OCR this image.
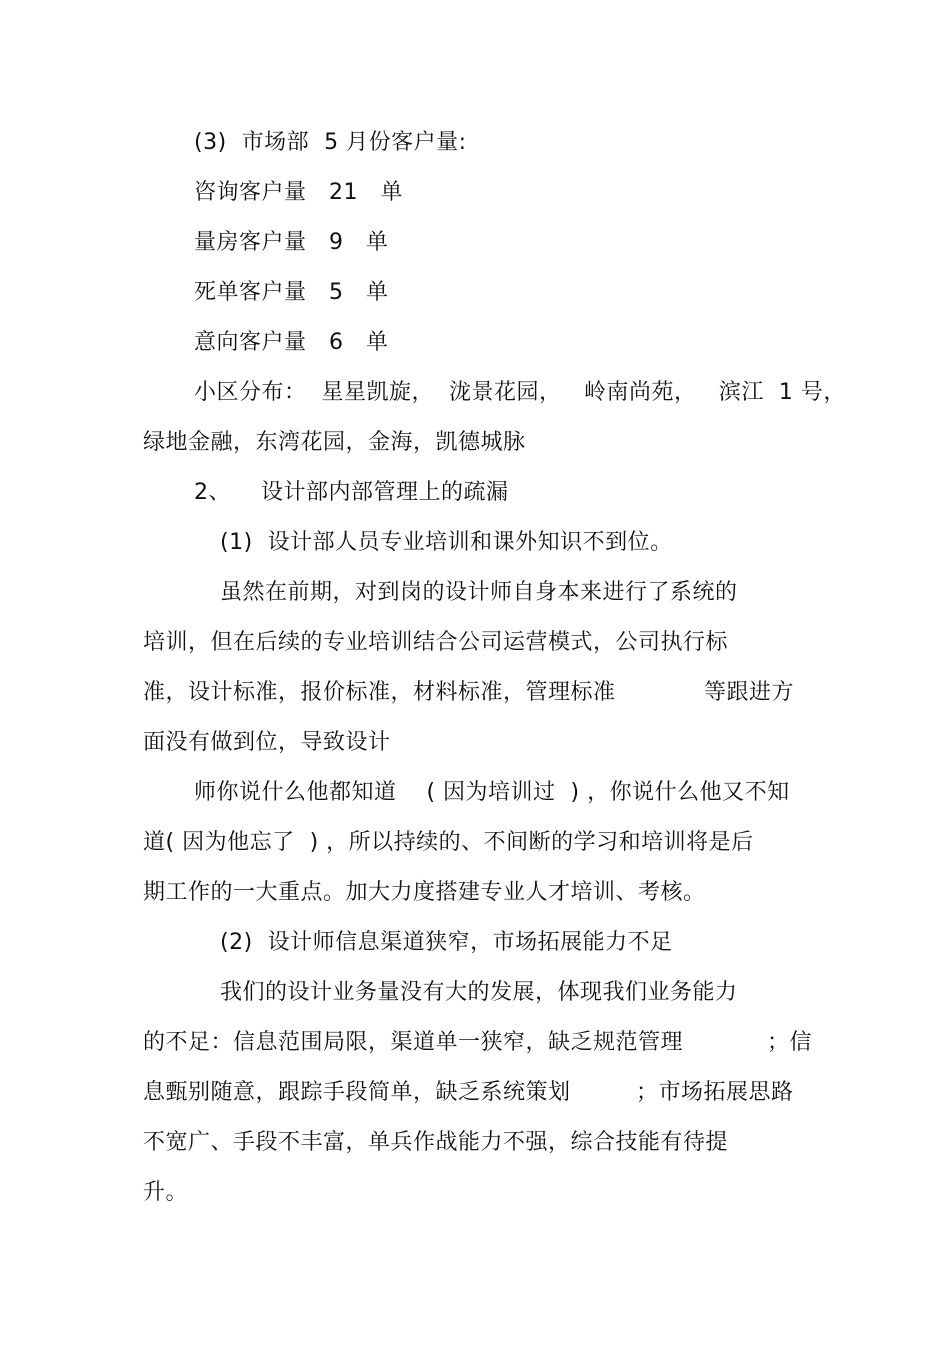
(3)  市场部  5 月份客户量:
咨询客户量   21   单
量房客户量   9   单
死单客户量   5   单
意向客户量   6   单
小区分布：  星星凯旋，  泷景花园，   岭南尚苑，   滨江  1 号，
绿地金融，东湾花园，金海，凯德城脉
2、    设计部内部管理上的疏漏
(1)  设计部人员专业培训和课外知识不到位。
虽然在前期，对到岗的设计师自身本来进行了系统的
培训，但在后续的专业培训结合公司运营模式，公司执行标
准，设计标准，报价标准，材料标准，管理标准	等跟进方
面没有做到位，导致设计
师你说什么他都知道    ( 因为培训过  ) ，你说什么他又不知
道( 因为他忘了  ) ，所以持续的、不间断的学习和培训将是后
期工作的一大重点。加大力度搭建专业人才培训、考核。
(2)  设计师信息渠道狭窄，市场拓展能力不足
我们的设计业务量没有大的发展，体现我们业务能力
的不足：信息范围局限，渠道单一狭窄，缺乏规范管理	；信
息甄别随意，跟踪手段简单，缺乏系统策划	；市场拓展思路
不宽广、手段不丰富，单兵作战能力不强，综合技能有待提
升。
